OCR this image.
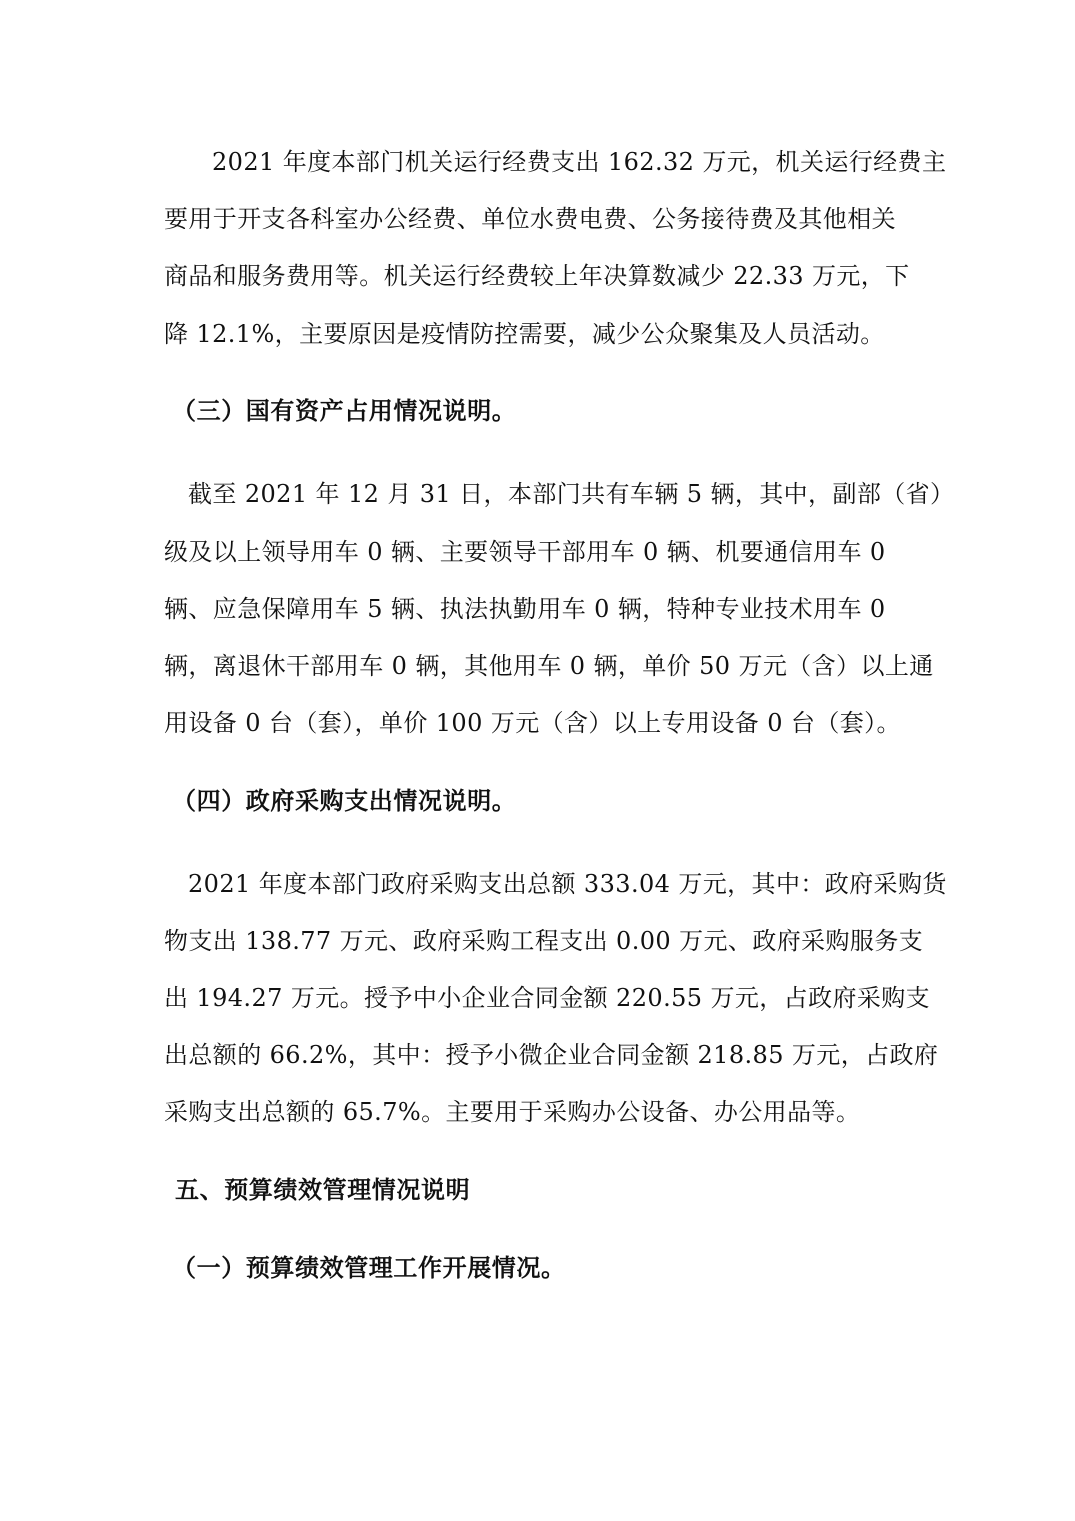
2021 年度本部门机关运行经费支出 162.32 万元，机关运行经费主
要用于开支各科室办公经费、单位水费电费、公务接待费及其他相关
商品和服务费用等。机关运行经费较上年决算数减少 22.33 万元，下
降 12.1%，主要原因是疫情防控需要，减少公众聚集及人员活动。
（三）国有资产占用情况说明。
截至 2021 年 12 月 31 日，本部门共有车辆 5 辆，其中，副部（省）
级及以上领导用车 0 辆、主要领导干部用车 0 辆、机要通信用车 0
辆、应急保障用车 5 辆、执法执勤用车 0 辆，特种专业技术用车 0
辆，离退休干部用车 0 辆，其他用车 0 辆，单价 50 万元（含）以上通
用设备 0 台（套），单价 100 万元（含）以上专用设备 0 台（套）。
（四）政府采购支出情况说明。
2021 年度本部门政府采购支出总额 333.04 万元，其中：政府采购货
物支出 138.77 万元、政府采购工程支出 0.00 万元、政府采购服务支
出 194.27 万元。授予中小企业合同金额 220.55 万元，占政府采购支
出总额的 66.2%，其中：授予小微企业合同金额 218.85 万元，占政府
采购支出总额的 65.7%。主要用于采购办公设备、办公用品等。
五、预算绩效管理情况说明
（一）预算绩效管理工作开展情况。
